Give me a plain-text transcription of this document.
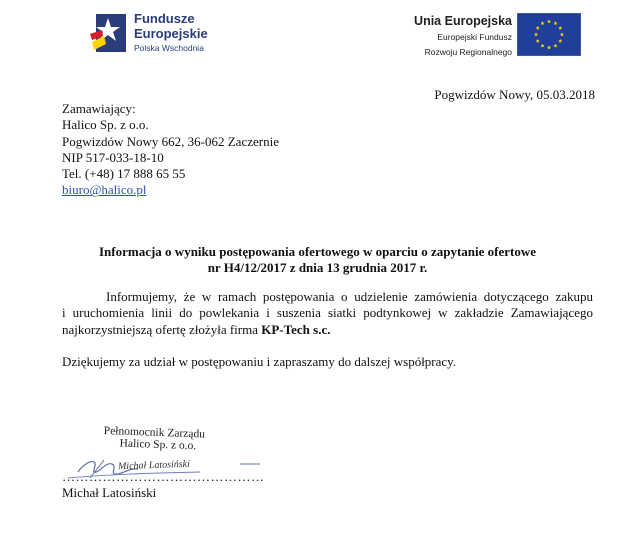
Fundusze
Europejskie
Polska Wschodnia
Unia Europejska
Europejski Fundusz
Rozwoju Regionalnego
Pogwizdów Nowy, 05.03.2018
Zamawiający:
Halico Sp. z o.o.
Pogwizdów Nowy 662, 36-062 Zaczernie
NIP 517-033-18-10
Tel. (+48) 17 888 65 55
biuro@halico.pl
Informacja o wyniku postępowania ofertowego w oparciu o zapytanie ofertowe
nr H4/12/2017 z dnia 13 grudnia 2017 r.
Informujemy, że w ramach postępowania o udzielenie zamówienia dotyczącego zakupu
i uruchomienia linii do powlekania i suszenia siatki podtynkowej w zakładzie Zamawiającego
najkorzystniejszą ofertę złożyła firma KP-Tech s.c.
Dziękujemy za udział w postępowaniu i zapraszamy do dalszej współpracy.
Pełnomocnik Zarządu
Halico Sp. z o.o.
Michał Latosiński
………………………………………
Michał Latosiński
